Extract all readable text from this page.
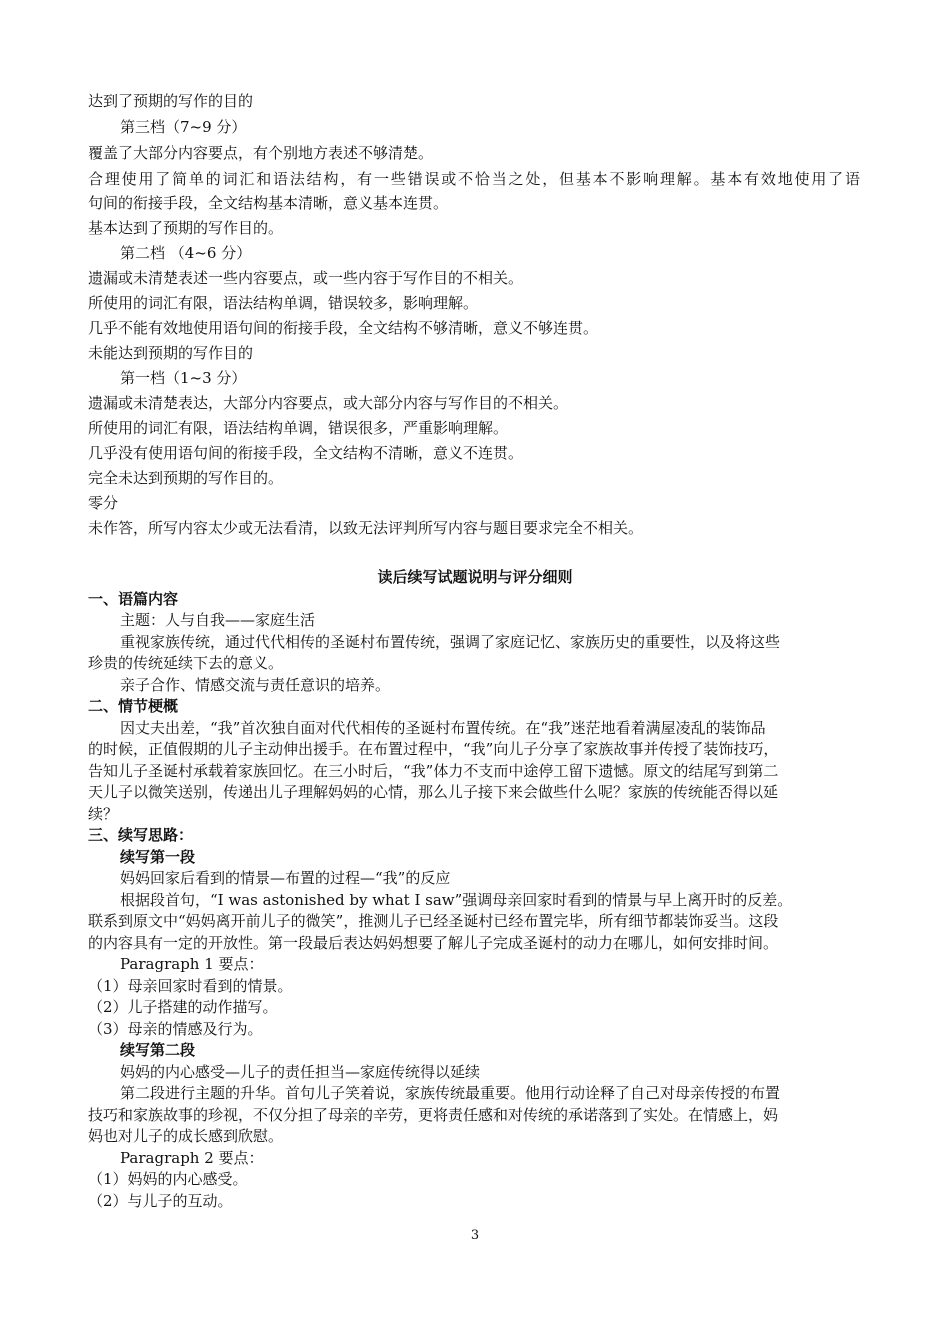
达到了预期的写作的目的
第三档（7~9 分）
覆盖了大部分内容要点，有个别地方表述不够清楚。
合理使用了简单的词汇和语法结构，有一些错误或不恰当之处，但基本不影响理解。基本有效地使用了语
句间的衔接手段，全文结构基本清晰，意义基本连贯。
基本达到了预期的写作目的。
第二档 （4~6 分）
遗漏或未清楚表述一些内容要点，或一些内容于写作目的不相关。
所使用的词汇有限，语法结构单调，错误较多，影响理解。
几乎不能有效地使用语句间的衔接手段，全文结构不够清晰，意义不够连贯。
未能达到预期的写作目的
第一档（1~3 分）
遗漏或未清楚表达，大部分内容要点，或大部分内容与写作目的不相关。
所使用的词汇有限，语法结构单调，错误很多，严重影响理解。
几乎没有使用语句间的衔接手段，全文结构不清晰，意义不连贯。
完全未达到预期的写作目的。
零分
未作答，所写内容太少或无法看清，以致无法评判所写内容与题目要求完全不相关。
读后续写试题说明与评分细则
一、语篇内容
主题：人与自我——家庭生活
重视家族传统，通过代代相传的圣诞村布置传统，强调了家庭记忆、家族历史的重要性，以及将这些
珍贵的传统延续下去的意义。
亲子合作、情感交流与责任意识的培养。
二、情节梗概
因丈夫出差，“我”首次独自面对代代相传的圣诞村布置传统。在“我”迷茫地看着满屋凌乱的装饰品
的时候，正值假期的儿子主动伸出援手。在布置过程中，“我”向儿子分享了家族故事并传授了装饰技巧，
告知儿子圣诞村承载着家族回忆。在三小时后，“我”体力不支而中途停工留下遗憾。原文的结尾写到第二
天儿子以微笑送别，传递出儿子理解妈妈的心情，那么儿子接下来会做些什么呢？家族的传统能否得以延
续？
三、续写思路：
续写第一段
妈妈回家后看到的情景—布置的过程—“我”的反应
根据段首句，“I was astonished by what I saw”强调母亲回家时看到的情景与早上离开时的反差。
联系到原文中“妈妈离开前儿子的微笑”，推测儿子已经圣诞村已经布置完毕，所有细节都装饰妥当。这段
的内容具有一定的开放性。第一段最后表达妈妈想要了解儿子完成圣诞村的动力在哪儿，如何安排时间。
Paragraph 1 要点：
（1）母亲回家时看到的情景。
（2）儿子搭建的动作描写。
（3）母亲的情感及行为。
续写第二段
妈妈的内心感受—儿子的责任担当—家庭传统得以延续
第二段进行主题的升华。首句儿子笑着说，家族传统最重要。他用行动诠释了自己对母亲传授的布置
技巧和家族故事的珍视，不仅分担了母亲的辛劳，更将责任感和对传统的承诺落到了实处。在情感上，妈
妈也对儿子的成长感到欣慰。
Paragraph 2 要点：
（1）妈妈的内心感受。
（2）与儿子的互动。
3
